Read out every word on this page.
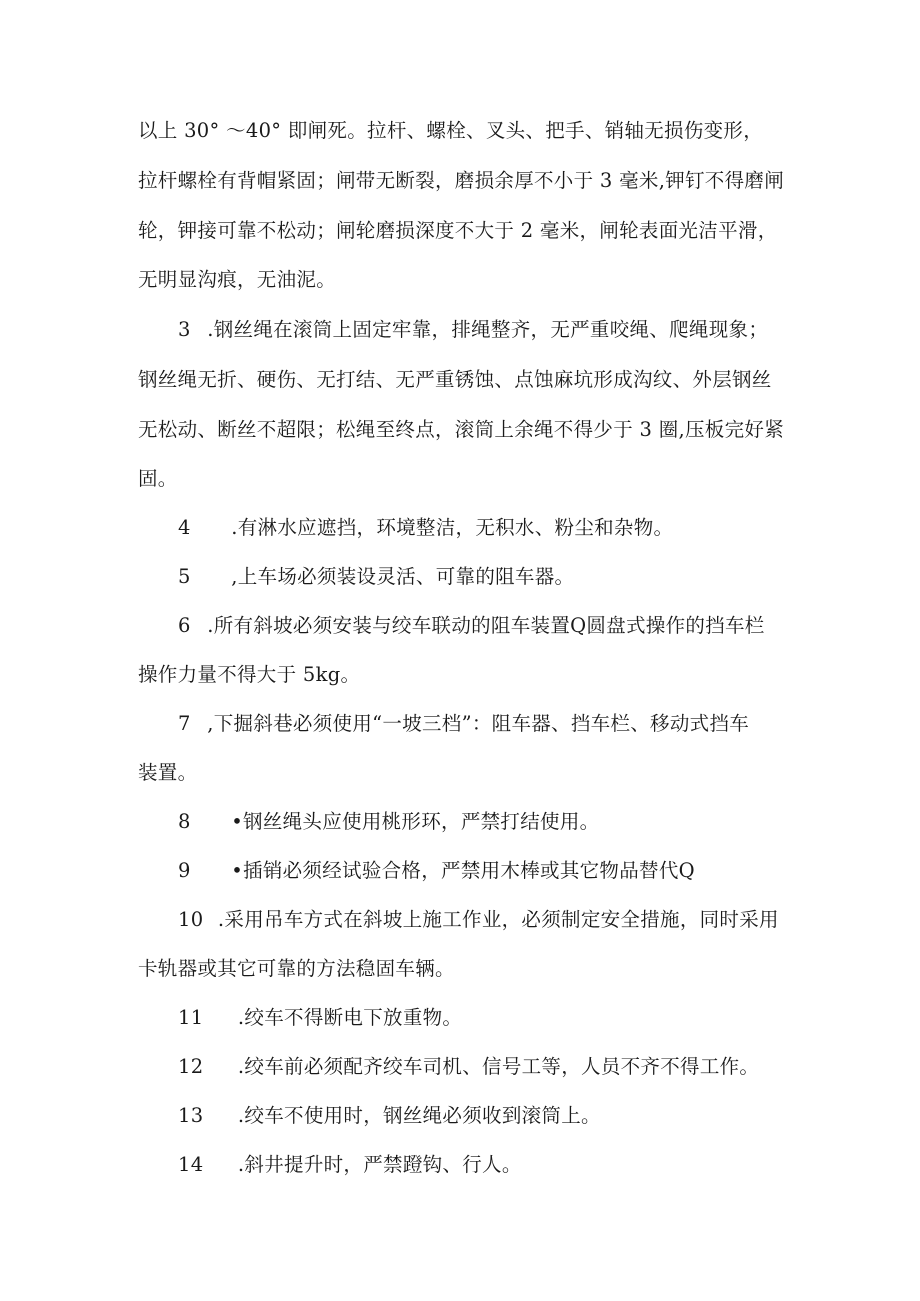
以上 30° ～40° 即闸死。拉杆、螺栓、叉头、把手、销轴无损伤变形，
拉杆螺栓有背帽紧固；闸带无断裂，磨损余厚不小于 3 毫米,钾钉不得磨闸
轮，钾接可靠不松动；闸轮磨损深度不大于 2 毫米，闸轮表面光洁平滑，
无明显沟痕，无油泥。
3 .钢丝绳在滚筒上固定牢靠，排绳整齐，无严重咬绳、爬绳现象；
钢丝绳无折、硬伤、无打结、无严重锈蚀、点蚀麻坑形成沟纹、外层钢丝
无松动、断丝不超限；松绳至终点，滚筒上余绳不得少于 3 圈,压板完好紧
固。
4 .有淋水应遮挡，环境整洁，无积水、粉尘和杂物。
5 ,上车场必须装设灵活、可靠的阻车器。
6 .所有斜坡必须安装与绞车联动的阻车装置Q圆盘式操作的挡车栏
操作力量不得大于 5kg。
7 ,下掘斜巷必须使用“一坡三档”：阻车器、挡车栏、移动式挡车
装置。
8 •钢丝绳头应使用桃形环，严禁打结使用。
9 •插销必须经试验合格，严禁用木棒或其它物品替代Q
10 .采用吊车方式在斜坡上施工作业，必须制定安全措施，同时采用
卡轨器或其它可靠的方法稳固车辆。
11 .绞车不得断电下放重物。
12 .绞车前必须配齐绞车司机、信号工等，人员不齐不得工作。
13 .绞车不使用时，钢丝绳必须收到滚筒上。
14 .斜井提升时，严禁蹬钩、行人。
